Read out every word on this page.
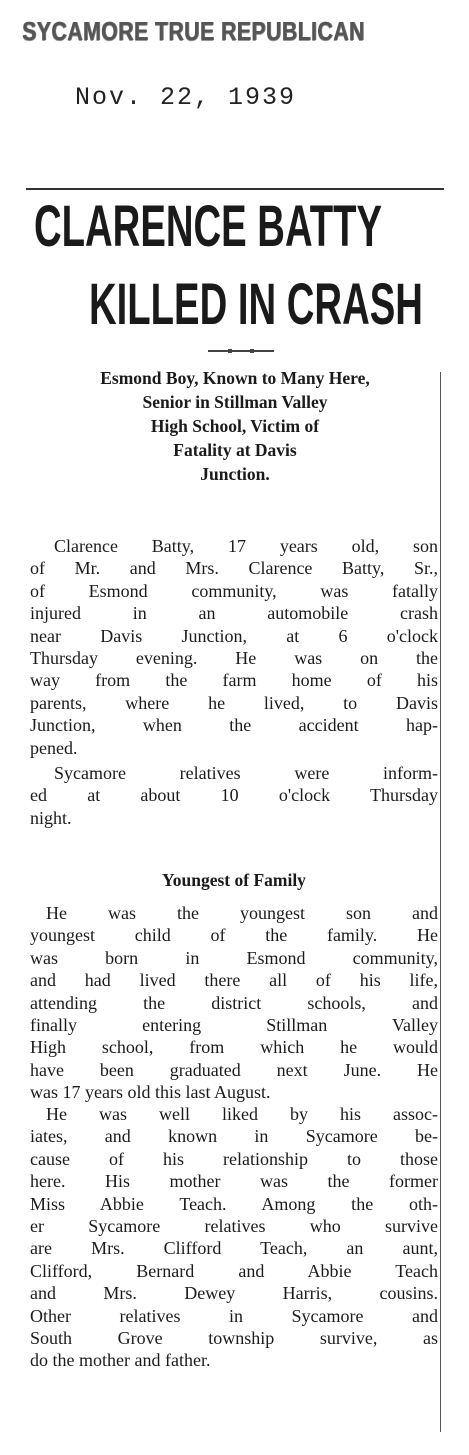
SYCAMORE TRUE REPUBLICAN
Nov. 22, 1939
CLARENCE BATTY
KILLED IN CRASH
Esmond Boy, Known to Many Here,
Senior in Stillman Valley
High School, Victim of
Fatality at Davis
Junction.
Clarence Batty, 17 years old, son
of Mr. and Mrs. Clarence Batty, Sr.,
of Esmond community, was fatally
injured in an automobile crash
near Davis Junction, at 6 o'clock
Thursday evening. He was on the
way from the farm home of his
parents, where he lived, to Davis
Junction, when the accident hap-
pened.
Sycamore relatives were inform-
ed at about 10 o'clock Thursday
night.
Youngest of Family
He was the youngest son and
youngest child of the family. He
was born in Esmond community,
and had lived there all of his life,
attending the district schools, and
finally entering Stillman Valley
High school, from which he would
have been graduated next June. He
was 17 years old this last August.
He was well liked by his assoc-
iates, and known in Sycamore be-
cause of his relationship to those
here. His mother was the former
Miss Abbie Teach. Among the oth-
er Sycamore relatives who survive
are Mrs. Clifford Teach, an aunt,
Clifford, Bernard and Abbie Teach
and Mrs. Dewey Harris, cousins.
Other relatives in Sycamore and
South Grove township survive, as
do the mother and father.
